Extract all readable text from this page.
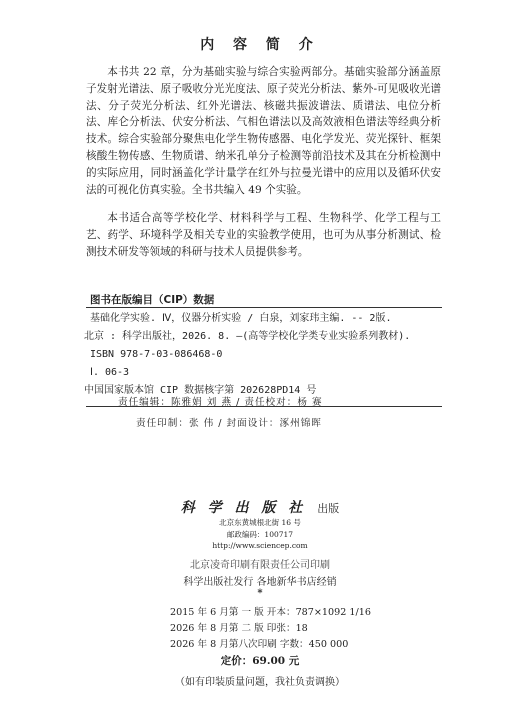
内 容 简 介

本书共 22 章，分为基础实验与综合实验两部分。基础实验部分涵盖原子发射光谱法、原子吸收分光光度法、原子荧光分析法、紫外-可见吸收光谱法、分子荧光分析法、红外光谱法、核磁共振波谱法、质谱法、电位分析法、库仑分析法、伏安分析法、气相色谱法以及高效液相色谱法等经典分析技术。综合实验部分聚焦电化学生物传感器、电化学发光、荧光探针、框架核酸生物传感、生物质谱、纳米孔单分子检测等前沿技术及其在分析检测中的实际应用，同时涵盖化学计量学在红外与拉曼光谱中的应用以及循环伏安法的可视化仿真实验。全书共编入 49 个实验。

本书适合高等学校化学、材料科学与工程、生物科学、化学工程与工艺、药学、环境科学及相关专业的实验教学使用，也可为从事分析测试、检测技术研发等领域的科研与技术人员提供参考。

图书在版编目（CIP）数据
基础化学实验. Ⅳ，仪器分析实验 / 白泉，刘家玮主编. -- 2版.
北京 : 科学出版社，2026. 8. —(高等学校化学类专业实验系列教材).
ISBN 978-7-03-086468-0
Ⅰ. 06-3
中国国家版本馆 CIP 数据核字第 202628PD14 号
责任编辑：陈雅娟 刘 燕 / 责任校对：杨 赛
责任印制：张 伟 / 封面设计：涿州锦晖
科 学 出 版 社 出版
北京东黄城根北街 16 号
邮政编码：100717
http://www.sciencep.com
北京凌奇印刷有限责任公司印刷
科学出版社发行 各地新华书店经销
*
2015 年 6 月第 一 版 开本：787×1092 1/16
2026 年 8 月第 二 版 印张：18
2026 年 8 月第八次印刷 字数：450 000
定价：69.00 元
（如有印装质量问题，我社负责调换）
